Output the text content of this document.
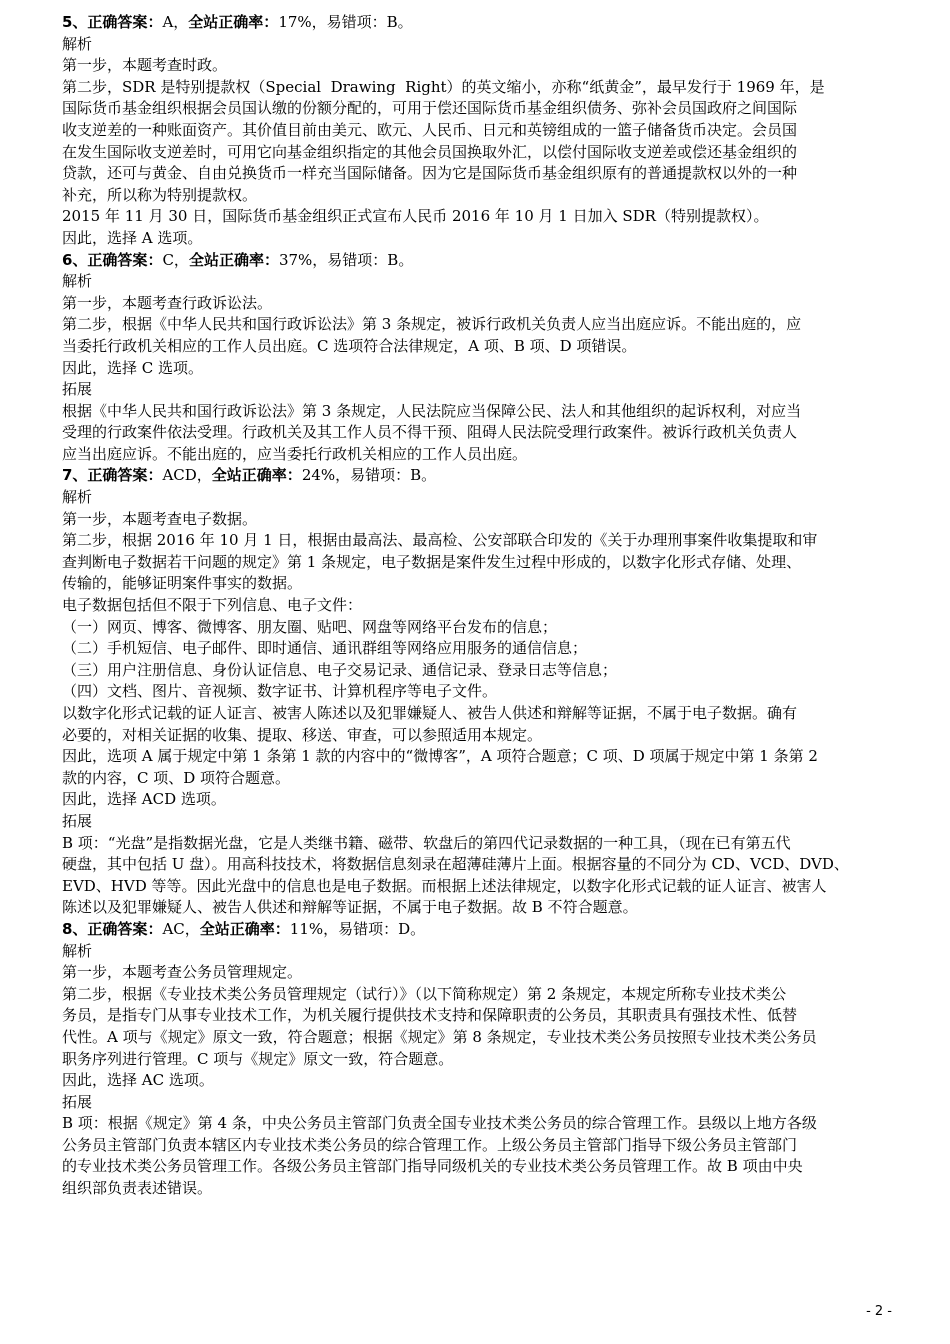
5、正确答案：A，全站正确率：17%，易错项：B。
解析
第一步，本题考查时政。
第二步，SDR 是特别提款权（Special  Drawing  Right）的英文缩小，亦称“纸黄金”，最早发行于 1969 年，是
国际货币基金组织根据会员国认缴的份额分配的，可用于偿还国际货币基金组织债务、弥补会员国政府之间国际
收支逆差的一种账面资产。其价值目前由美元、欧元、人民币、日元和英镑组成的一篮子储备货币决定。会员国
在发生国际收支逆差时，可用它向基金组织指定的其他会员国换取外汇，以偿付国际收支逆差或偿还基金组织的
贷款，还可与黄金、自由兑换货币一样充当国际储备。因为它是国际货币基金组织原有的普通提款权以外的一种
补充，所以称为特别提款权。
2015 年 11 月 30 日，国际货币基金组织正式宣布人民币 2016 年 10 月 1 日加入 SDR（特别提款权）。
因此，选择 A 选项。
6、正确答案：C，全站正确率：37%，易错项：B。
解析
第一步，本题考查行政诉讼法。
第二步，根据《中华人民共和国行政诉讼法》第 3 条规定，被诉行政机关负责人应当出庭应诉。不能出庭的，应
当委托行政机关相应的工作人员出庭。C 选项符合法律规定，A 项、B 项、D 项错误。
因此，选择 C 选项。
拓展
根据《中华人民共和国行政诉讼法》第 3 条规定，人民法院应当保障公民、法人和其他组织的起诉权利，对应当
受理的行政案件依法受理。行政机关及其工作人员不得干预、阻碍人民法院受理行政案件。被诉行政机关负责人
应当出庭应诉。不能出庭的，应当委托行政机关相应的工作人员出庭。
7、正确答案：ACD，全站正确率：24%，易错项：B。
解析
第一步，本题考查电子数据。
第二步，根据 2016 年 10 月 1 日，根据由最高法、最高检、公安部联合印发的《关于办理刑事案件收集提取和审
查判断电子数据若干问题的规定》第 1 条规定，电子数据是案件发生过程中形成的，以数字化形式存储、处理、
传输的，能够证明案件事实的数据。
电子数据包括但不限于下列信息、电子文件：
（一）网页、博客、微博客、朋友圈、贴吧、网盘等网络平台发布的信息；
（二）手机短信、电子邮件、即时通信、通讯群组等网络应用服务的通信信息；
（三）用户注册信息、身份认证信息、电子交易记录、通信记录、登录日志等信息；
（四）文档、图片、音视频、数字证书、计算机程序等电子文件。
以数字化形式记载的证人证言、被害人陈述以及犯罪嫌疑人、被告人供述和辩解等证据，不属于电子数据。确有
必要的，对相关证据的收集、提取、移送、审查，可以参照适用本规定。
因此，选项 A 属于规定中第 1 条第 1 款的内容中的“微博客”，A 项符合题意；C 项、D 项属于规定中第 1 条第 2
款的内容，C 项、D 项符合题意。
因此，选择 ACD 选项。
拓展
B 项：“光盘”是指数据光盘，它是人类继书籍、磁带、软盘后的第四代记录数据的一种工具，（现在已有第五代
硬盘，其中包括 U 盘）。用高科技技术，将数据信息刻录在超薄硅薄片上面。根据容量的不同分为 CD、VCD、DVD、
EVD、HVD 等等。因此光盘中的信息也是电子数据。而根据上述法律规定，以数字化形式记载的证人证言、被害人
陈述以及犯罪嫌疑人、被告人供述和辩解等证据，不属于电子数据。故 B 不符合题意。
8、正确答案：AC，全站正确率：11%，易错项：D。
解析
第一步，本题考查公务员管理规定。
第二步，根据《专业技术类公务员管理规定（试行）》（以下简称规定）第 2 条规定，本规定所称专业技术类公
务员，是指专门从事专业技术工作，为机关履行提供技术支持和保障职责的公务员，其职责具有强技术性、低替
代性。A 项与《规定》原文一致，符合题意；根据《规定》第 8 条规定，专业技术类公务员按照专业技术类公务员
职务序列进行管理。C 项与《规定》原文一致，符合题意。
因此，选择 AC 选项。
拓展
B 项：根据《规定》第 4 条，中央公务员主管部门负责全国专业技术类公务员的综合管理工作。县级以上地方各级
公务员主管部门负责本辖区内专业技术类公务员的综合管理工作。上级公务员主管部门指导下级公务员主管部门
的专业技术类公务员管理工作。各级公务员主管部门指导同级机关的专业技术类公务员管理工作。故 B 项由中央
组织部负责表述错误。
- 2 -
